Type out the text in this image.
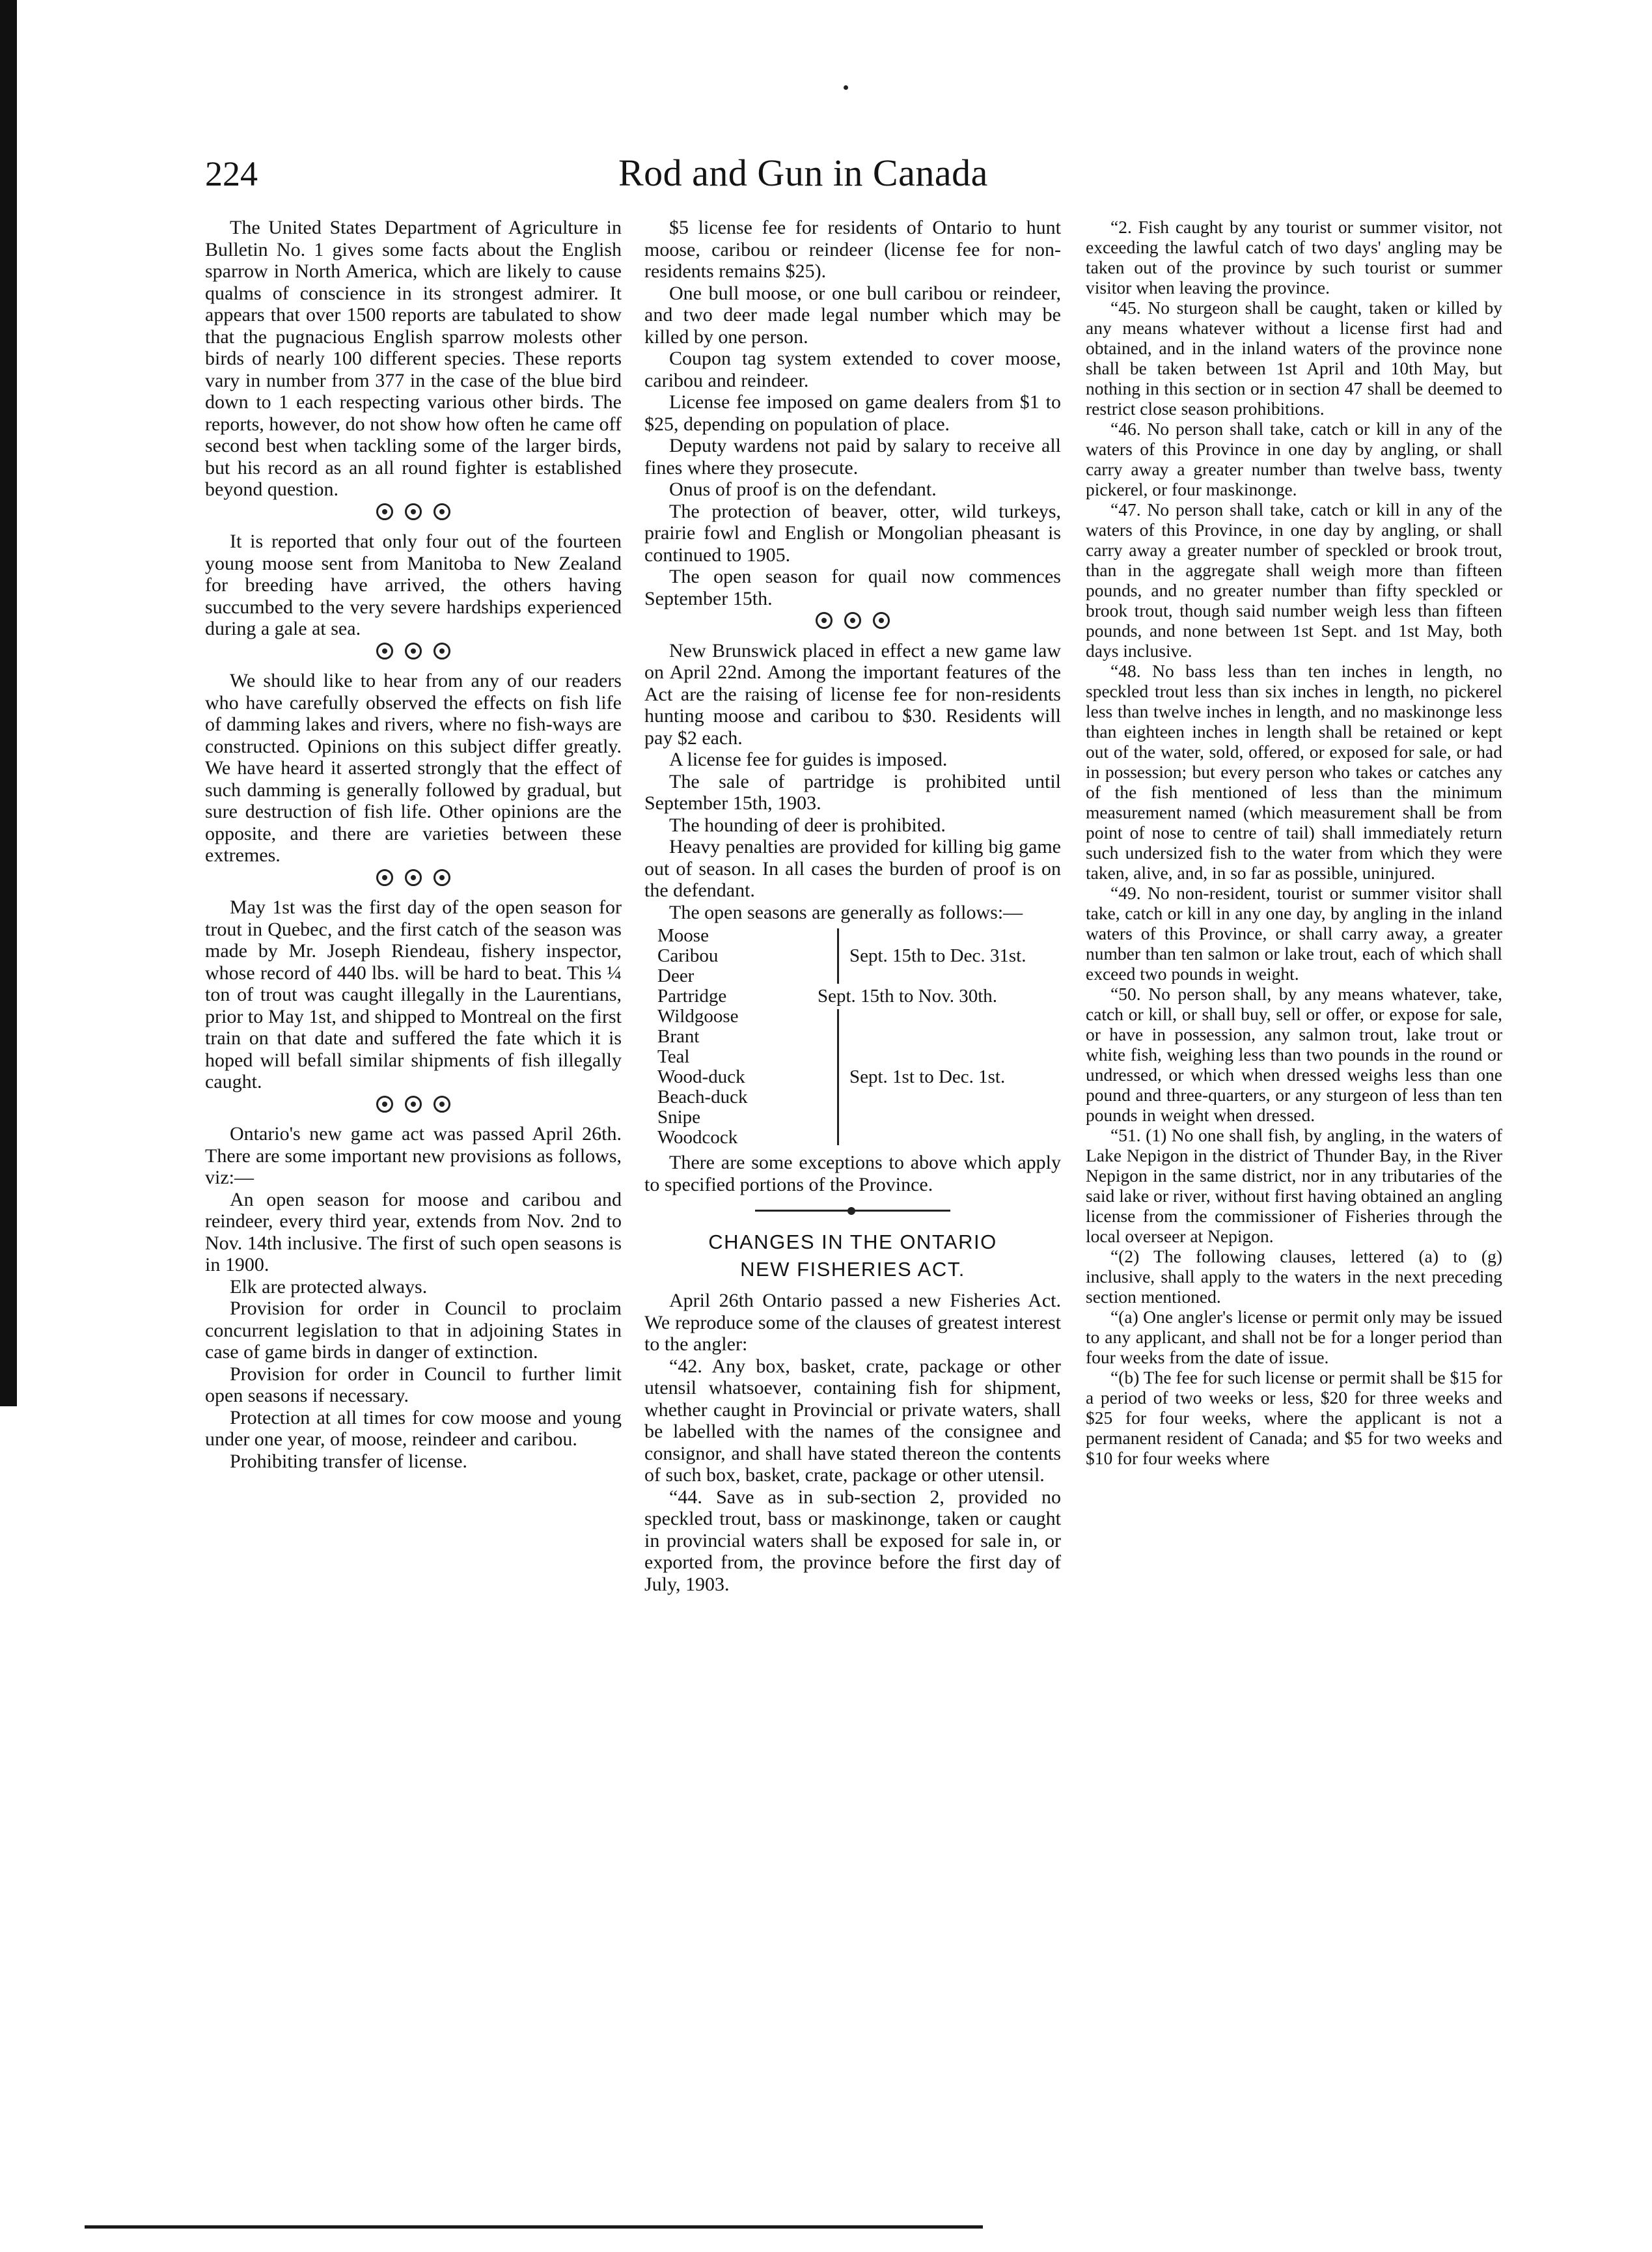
224	Rod and Gun in Canada

The United States Department of Agriculture in Bulletin No. 1 gives some facts about the English sparrow in North America, which are likely to cause qualms of conscience in its strongest admirer. It appears that over 1500 reports are tabulated to show that the pugnacious English sparrow molests other birds of nearly 100 different species. These reports vary in number from 377 in the case of the blue bird down to 1 each respecting various other birds. The reports, however, do not show how often he came off second best when tackling some of the larger birds, but his record as an all round fighter is established beyond question.

It is reported that only four out of the fourteen young moose sent from Manitoba to New Zealand for breeding have arrived, the others having succumbed to the very severe hardships experienced during a gale at sea.

We should like to hear from any of our readers who have carefully observed the effects on fish life of damming lakes and rivers, where no fish-ways are constructed. Opinions on this subject differ greatly. We have heard it asserted strongly that the effect of such damming is generally followed by gradual, but sure destruction of fish life. Other opinions are the opposite, and there are varieties between these extremes.

May 1st was the first day of the open season for trout in Quebec, and the first catch of the season was made by Mr. Joseph Riendeau, fishery inspector, whose record of 440 lbs. will be hard to beat. This ¼ ton of trout was caught illegally in the Laurentians, prior to May 1st, and shipped to Montreal on the first train on that date and suffered the fate which it is hoped will befall similar shipments of fish illegally caught.

Ontario's new game act was passed April 26th. There are some important new provisions as follows, viz:—

An open season for moose and caribou and reindeer, every third year, extends from Nov. 2nd to Nov. 14th inclusive. The first of such open seasons is in 1900.

Elk are protected always.

Provision for order in Council to proclaim concurrent legislation to that in adjoining States in case of game birds in danger of extinction.

Provision for order in Council to further limit open seasons if necessary.

Protection at all times for cow moose and young under one year, of moose, reindeer and caribou.

Prohibiting transfer of license.

$5 license fee for residents of Ontario to hunt moose, caribou or reindeer (license fee for non-residents remains $25).

One bull moose, or one bull caribou or reindeer, and two deer made legal number which may be killed by one person.

Coupon tag system extended to cover moose, caribou and reindeer.

License fee imposed on game dealers from $1 to $25, depending on population of place.

Deputy wardens not paid by salary to receive all fines where they prosecute.

Onus of proof is on the defendant.

The protection of beaver, otter, wild turkeys, prairie fowl and English or Mongolian pheasant is continued to 1905.

The open season for quail now commences September 15th.

New Brunswick placed in effect a new game law on April 22nd. Among the important features of the Act are the raising of license fee for non-residents hunting moose and caribou to $30. Residents will pay $2 each.

A license fee for guides is imposed.

The sale of partridge is prohibited until September 15th, 1903.

The hounding of deer is prohibited.

Heavy penalties are provided for killing big game out of season. In all cases the burden of proof is on the defendant.

The open seasons are generally as follows:—

Moose
Caribou
Deer
Sept. 15th to Dec. 31st.
Partridge	Sept. 15th to Nov. 30th.
Wildgoose
Brant
Teal
Wood-duck
Beach-duck
Snipe
Woodcock
Sept. 1st to Dec. 1st.

There are some exceptions to above which apply to specified portions of the Province.

CHANGES IN THE ONTARIO
NEW FISHERIES ACT.

April 26th Ontario passed a new Fisheries Act. We reproduce some of the clauses of greatest interest to the angler:

“42. Any box, basket, crate, package or other utensil whatsoever, containing fish for shipment, whether caught in Provincial or private waters, shall be labelled with the names of the consignee and consignor, and shall have stated thereon the contents of such box, basket, crate, package or other utensil.

“44. Save as in sub-section 2, provided no speckled trout, bass or maskinonge, taken or caught in provincial waters shall be exposed for sale in, or exported from, the province before the first day of July, 1903.

“2. Fish caught by any tourist or summer visitor, not exceeding the lawful catch of two days' angling may be taken out of the province by such tourist or summer visitor when leaving the province.

“45. No sturgeon shall be caught, taken or killed by any means whatever without a license first had and obtained, and in the inland waters of the province none shall be taken between 1st April and 10th May, but nothing in this section or in section 47 shall be deemed to restrict close season prohibitions.

“46. No person shall take, catch or kill in any of the waters of this Province in one day by angling, or shall carry away a greater number than twelve bass, twenty pickerel, or four maskinonge.

“47. No person shall take, catch or kill in any of the waters of this Province, in one day by angling, or shall carry away a greater number of speckled or brook trout, than in the aggregate shall weigh more than fifteen pounds, and no greater number than fifty speckled or brook trout, though said number weigh less than fifteen pounds, and none between 1st Sept. and 1st May, both days inclusive.

“48. No bass less than ten inches in length, no speckled trout less than six inches in length, no pickerel less than twelve inches in length, and no maskinonge less than eighteen inches in length shall be retained or kept out of the water, sold, offered, or exposed for sale, or had in possession; but every person who takes or catches any of the fish mentioned of less than the minimum measurement named (which measurement shall be from point of nose to centre of tail) shall immediately return such undersized fish to the water from which they were taken, alive, and, in so far as possible, uninjured.

“49. No non-resident, tourist or summer visitor shall take, catch or kill in any one day, by angling in the inland waters of this Province, or shall carry away, a greater number than ten salmon or lake trout, each of which shall exceed two pounds in weight.

“50. No person shall, by any means whatever, take, catch or kill, or shall buy, sell or offer, or expose for sale, or have in possession, any salmon trout, lake trout or white fish, weighing less than two pounds in the round or undressed, or which when dressed weighs less than one pound and three-quarters, or any sturgeon of less than ten pounds in weight when dressed.

“51. (1) No one shall fish, by angling, in the waters of Lake Nepigon in the district of Thunder Bay, in the River Nepigon in the same district, nor in any tributaries of the said lake or river, without first having obtained an angling license from the commissioner of Fisheries through the local overseer at Nepigon.

“(2) The following clauses, lettered (a) to (g) inclusive, shall apply to the waters in the next preceding section mentioned.

“(a) One angler's license or permit only may be issued to any applicant, and shall not be for a longer period than four weeks from the date of issue.

“(b) The fee for such license or permit shall be $15 for a period of two weeks or less, $20 for three weeks and $25 for four weeks, where the applicant is not a permanent resident of Canada; and $5 for two weeks and $10 for four weeks where
